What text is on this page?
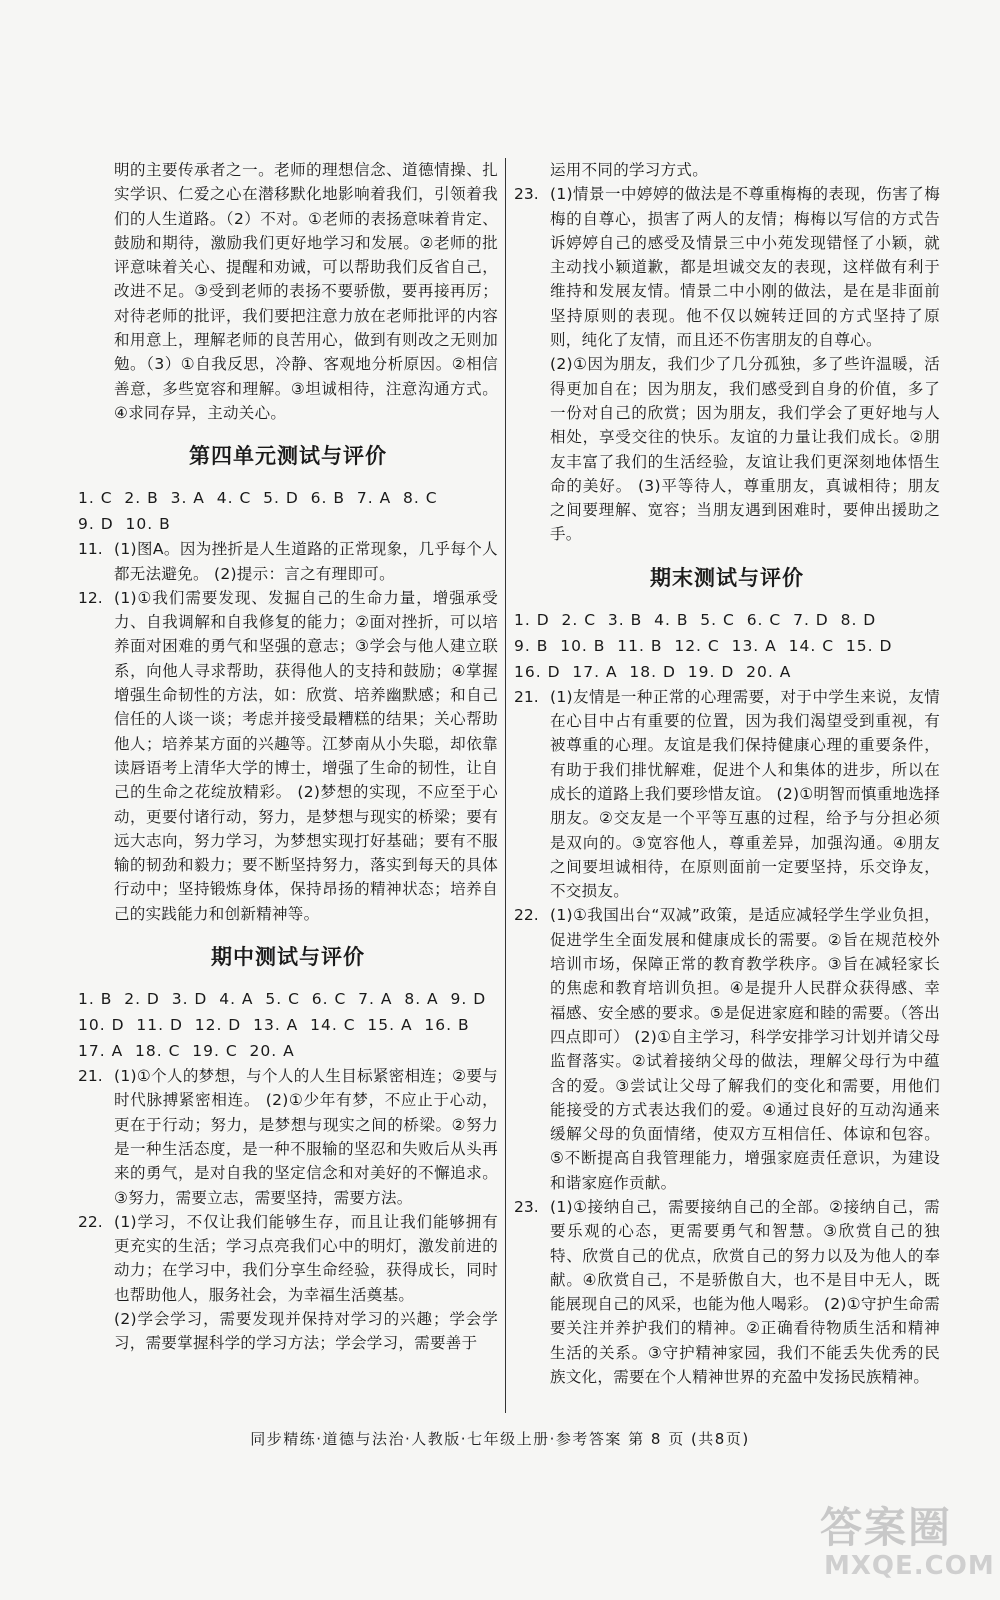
明的主要传承者之一。老师的理想信念、道德情操、扎实学识、仁爱之心在潜移默化地影响着我们，引领着我们的人生道路。（2）不对。①老师的表扬意味着肯定、鼓励和期待，激励我们更好地学习和发展。②老师的批评意味着关心、提醒和劝诫，可以帮助我们反省自己，改进不足。③受到老师的表扬不要骄傲，要再接再厉；对待老师的批评，我们要把注意力放在老师批评的内容和用意上，理解老师的良苦用心，做到有则改之无则加勉。（3）①自我反思，冷静、客观地分析原因。②相信善意，多些宽容和理解。③坦诚相待，注意沟通方式。④求同存异，主动关心。

第四单元测试与评价

1. C  2. B  3. A  4. C  5. D  6. B  7. A  8. C

9. D  10. B

11. (1)图A。因为挫折是人生道路的正常现象，几乎每个人都无法避免。 (2)提示：言之有理即可。

12. (1)①我们需要发现、发掘自己的生命力量，增强承受力、自我调解和自我修复的能力；②面对挫折，可以培养面对困难的勇气和坚强的意志；③学会与他人建立联系，向他人寻求帮助，获得他人的支持和鼓励；④掌握增强生命韧性的方法，如：欣赏、培养幽默感；和自己信任的人谈一谈；考虑并接受最糟糕的结果；关心帮助他人；培养某方面的兴趣等。江梦南从小失聪，却依靠读唇语考上清华大学的博士，增强了生命的韧性，让自己的生命之花绽放精彩。 (2)梦想的实现，不应至于心动，更要付诸行动，努力，是梦想与现实的桥梁；要有远大志向，努力学习，为梦想实现打好基础；要有不服输的韧劲和毅力；要不断坚持努力，落实到每天的具体行动中；坚持锻炼身体，保持昂扬的精神状态；培养自己的实践能力和创新精神等。

期中测试与评价

1. B  2. D  3. D  4. A  5. C  6. C  7. A  8. A  9. D

10. D  11. D  12. D  13. A  14. C  15. A  16. B

17. A  18. C  19. C  20. A

21. (1)①个人的梦想，与个人的人生目标紧密相连；②要与时代脉搏紧密相连。 (2)①少年有梦，不应止于心动，更在于行动；努力，是梦想与现实之间的桥梁。②努力是一种生活态度，是一种不服输的坚忍和失败后从头再来的勇气，是对自我的坚定信念和对美好的不懈追求。③努力，需要立志，需要坚持，需要方法。

22. (1)学习，不仅让我们能够生存，而且让我们能够拥有更充实的生活；学习点亮我们心中的明灯，激发前进的动力；在学习中，我们分享生命经验，获得成长，同时也帮助他人，服务社会，为幸福生活奠基。
(2)学会学习，需要发现并保持对学习的兴趣；学会学习，需要掌握科学的学习方法；学会学习，需要善于

运用不同的学习方式。

23. (1)情景一中婷婷的做法是不尊重梅梅的表现，伤害了梅梅的自尊心，损害了两人的友情；梅梅以写信的方式告诉婷婷自己的感受及情景三中小苑发现错怪了小颖，就主动找小颖道歉，都是坦诚交友的表现，这样做有利于维持和发展友情。情景二中小刚的做法，是在是非面前坚持原则的表现。他不仅以婉转迂回的方式坚持了原则，纯化了友情，而且还不伤害朋友的自尊心。
(2)①因为朋友，我们少了几分孤独，多了些许温暖，活得更加自在；因为朋友，我们感受到自身的价值，多了一份对自己的欣赏；因为朋友，我们学会了更好地与人相处，享受交往的快乐。友谊的力量让我们成长。②朋友丰富了我们的生活经验，友谊让我们更深刻地体悟生命的美好。 (3)平等待人，尊重朋友，真诚相待；朋友之间要理解、宽容；当朋友遇到困难时，要伸出援助之手。

期末测试与评价

1. D  2. C  3. B  4. B  5. C  6. C  7. D  8. D

9. B  10. B  11. B  12. C  13. A  14. C  15. D

16. D  17. A  18. D  19. D  20. A

21. (1)友情是一种正常的心理需要，对于中学生来说，友情在心目中占有重要的位置，因为我们渴望受到重视，有被尊重的心理。友谊是我们保持健康心理的重要条件，有助于我们排忧解难，促进个人和集体的进步，所以在成长的道路上我们要珍惜友谊。 (2)①明智而慎重地选择朋友。②交友是一个平等互惠的过程，给予与分担必须是双向的。③宽容他人，尊重差异，加强沟通。④朋友之间要坦诚相待，在原则面前一定要坚持，乐交诤友，不交损友。

22. (1)①我国出台“双减”政策，是适应减轻学生学业负担，促进学生全面发展和健康成长的需要。②旨在规范校外培训市场，保障正常的教育教学秩序。③旨在减轻家长的焦虑和教育培训负担。④是提升人民群众获得感、幸福感、安全感的要求。⑤是促进家庭和睦的需要。（答出四点即可） (2)①自主学习，科学安排学习计划并请父母监督落实。②试着接纳父母的做法，理解父母行为中蕴含的爱。③尝试让父母了解我们的变化和需要，用他们能接受的方式表达我们的爱。④通过良好的互动沟通来缓解父母的负面情绪，使双方互相信任、体谅和包容。⑤不断提高自我管理能力，增强家庭责任意识，为建设和谐家庭作贡献。

23. (1)①接纳自己，需要接纳自己的全部。②接纳自己，需要乐观的心态，更需要勇气和智慧。③欣赏自己的独特、欣赏自己的优点，欣赏自己的努力以及为他人的奉献。④欣赏自己，不是骄傲自大，也不是目中无人，既能展现自己的风采，也能为他人喝彩。 (2)①守护生命需要关注并养护我们的精神。②正确看待物质生活和精神生活的关系。③守护精神家园，我们不能丢失优秀的民族文化，需要在个人精神世界的充盈中发扬民族精神。

同步精练·道德与法治·人教版·七年级上册·参考答案 第 8 页 (共8页)
答案圈
MXQE.COM
